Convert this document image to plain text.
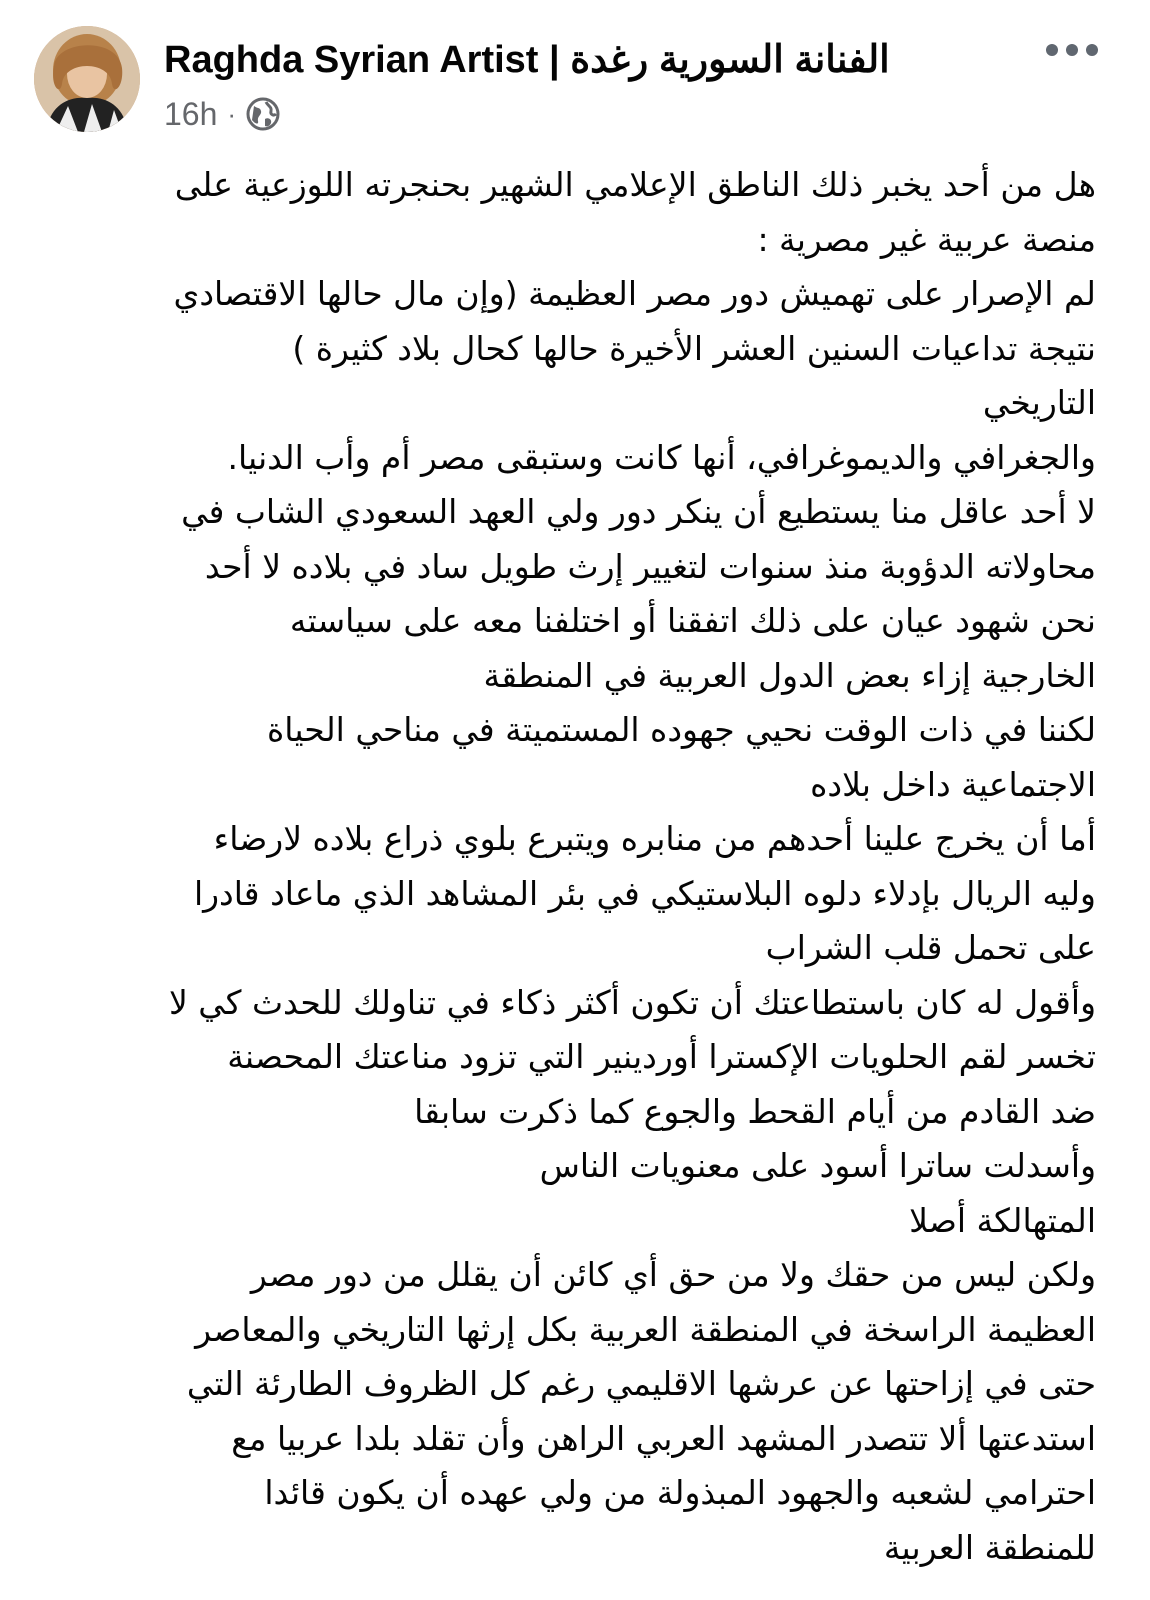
Raghda Syrian Artist | الفنانة السورية رغدة
16h ·
هل من أحد يخبر ذلك الناطق الإعلامي الشهير بحنجرته اللوزعية على
منصة عربية غير مصرية :
لم الإصرار على تهميش دور مصر العظيمة (وإن مال حالها الاقتصادي
نتيجة تداعيات السنين العشر الأخيرة حالها كحال بلاد كثيرة )
التاريخي
والجغرافي والديموغرافي، أنها كانت وستبقى مصر أم وأب الدنيا.
لا أحد عاقل منا يستطيع أن ينكر دور ولي العهد السعودي الشاب في
محاولاته الدؤوبة منذ سنوات لتغيير إرث طويل ساد في بلاده لا أحد
نحن شهود عيان على ذلك اتفقنا أو اختلفنا معه على سياسته
الخارجية إزاء بعض الدول العربية في المنطقة
لكننا في ذات الوقت نحيي جهوده المستميتة في مناحي الحياة
الاجتماعية داخل بلاده
أما أن يخرج علينا أحدهم من منابره ويتبرع بلوي ذراع بلاده لارضاء
وليه الريال بإدلاء دلوه البلاستيكي في بئر المشاهد الذي ماعاد قادرا
على تحمل قلب الشراب
وأقول له كان باستطاعتك أن تكون أكثر ذكاء في تناولك للحدث كي لا
تخسر لقم الحلويات الإكسترا أوردينير التي تزود مناعتك المحصنة
ضد القادم من أيام القحط والجوع كما ذكرت سابقا
وأسدلت ساترا أسود على معنويات الناس
المتهالكة أصلا
ولكن ليس من حقك ولا من حق أي كائن أن يقلل من دور مصر
العظيمة الراسخة في المنطقة العربية بكل إرثها التاريخي والمعاصر
حتى في إزاحتها عن عرشها الاقليمي رغم كل الظروف الطارئة التي
استدعتها ألا تتصدر المشهد العربي الراهن وأن تقلد بلدا عربيا مع
احترامي لشعبه والجهود المبذولة من ولي عهده أن يكون قائدا
للمنطقة العربية
